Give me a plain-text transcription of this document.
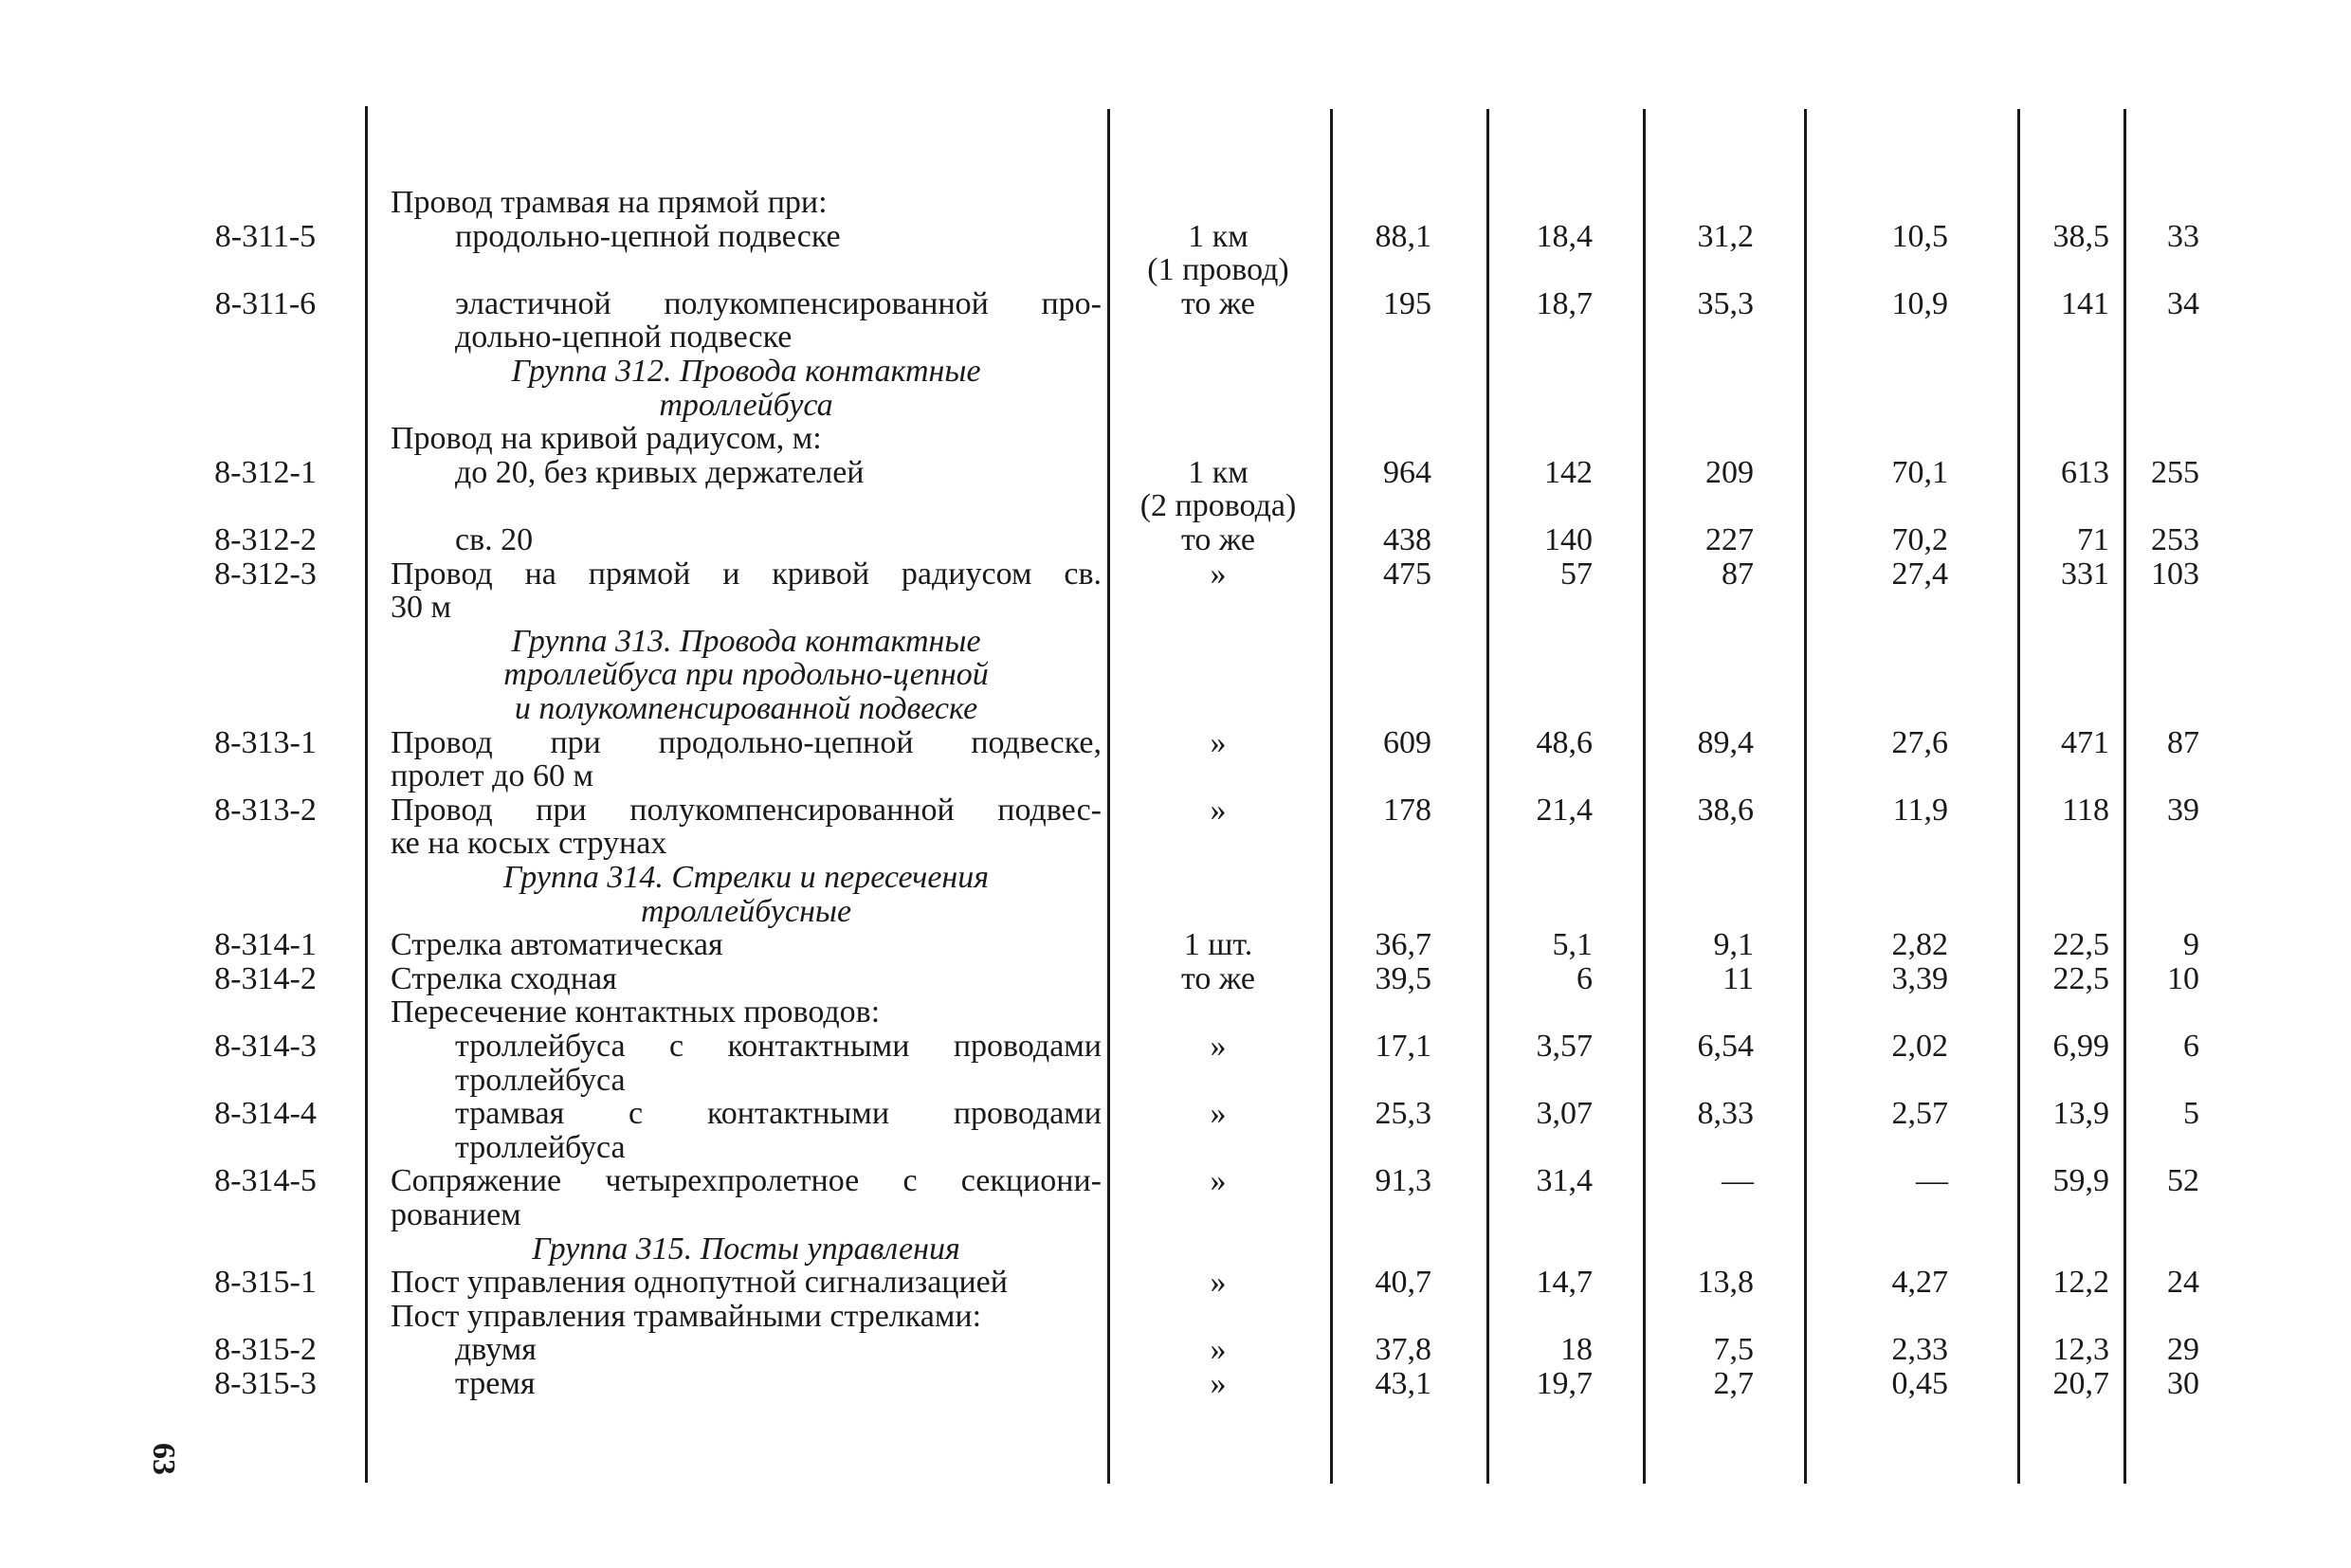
Провод трамвая на прямой при:
8-311-5	продольно-цепной подвеске	1 км	88,1	18,4	31,2	10,5	38,5	33
(1 провод)
8-311-6	эластичной полукомпенсированной про-	то же	195	18,7	35,3	10,9	141	34
дольно-цепной подвеске
Группа 312. Провода контактные
троллейбуса
Провод на кривой радиусом, м:
8-312-1	до 20, без кривых держателей	1 км	964	142	209	70,1	613	255
(2 провода)
8-312-2	св. 20	то же	438	140	227	70,2	71	253
8-312-3	Провод на прямой и кривой радиусом св.	»	475	57	87	27,4	331	103
30 м
Группа 313. Провода контактные
троллейбуса при продольно-цепной
и полукомпенсированной подвеске
8-313-1	Провод при продольно-цепной подвеске,	»	609	48,6	89,4	27,6	471	87
пролет до 60 м
8-313-2	Провод при полукомпенсированной подвес-	»	178	21,4	38,6	11,9	118	39
ке на косых струнах
Группа 314. Стрелки и пересечения
троллейбусные
8-314-1	Стрелка автоматическая	1 шт.	36,7	5,1	9,1	2,82	22,5	9
8-314-2	Стрелка сходная	то же	39,5	6	11	3,39	22,5	10
Пересечение контактных проводов:
8-314-3	троллейбуса с контактными проводами	»	17,1	3,57	6,54	2,02	6,99	6
троллейбуса
8-314-4	трамвая с контактными проводами	»	25,3	3,07	8,33	2,57	13,9	5
троллейбуса
8-314-5	Сопряжение четырехпролетное с секциони-	»	91,3	31,4	—	—	59,9	52
рованием
Группа 315. Посты управления
8-315-1	Пост управления однопутной сигнализацией	»	40,7	14,7	13,8	4,27	12,2	24
Пост управления трамвайными стрелками:
8-315-2	двумя	»	37,8	18	7,5	2,33	12,3	29
8-315-3	тремя	»	43,1	19,7	2,7	0,45	20,7	30
63
